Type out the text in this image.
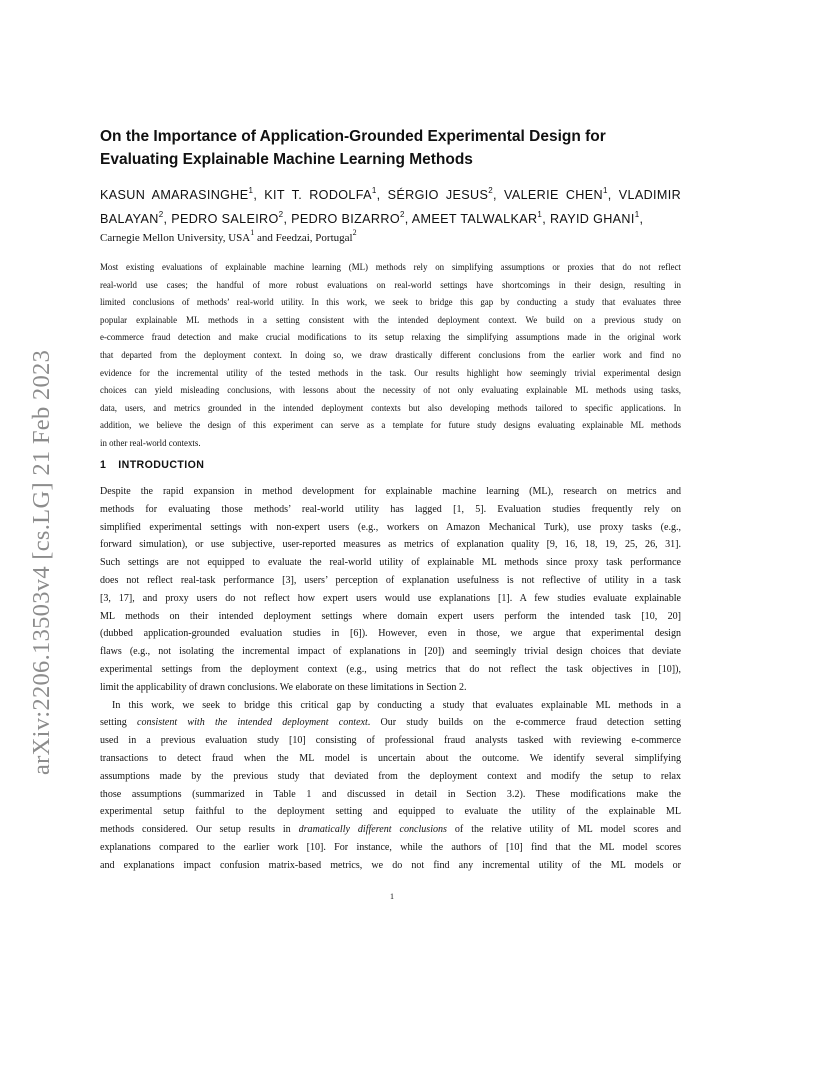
arXiv:2206.13503v4 [cs.LG] 21 Feb 2023
On the Importance of Application-Grounded Experimental Design for
Evaluating Explainable Machine Learning Methods
KASUN AMARASINGHE$^1$, KIT T. RODOLFA$^1$, SÉRGIO JESUS$^2$, VALERIE CHEN$^1$, VLADIMIR
BALAYAN$^2$, PEDRO SALEIRO$^2$, PEDRO BIZARRO$^2$, AMEET TALWALKAR$^1$, RAYID GHANI$^1$,
Carnegie Mellon University, USA$^1$ and Feedzai, Portugal$^2$
Most existing evaluations of explainable machine learning (ML) methods rely on simplifying assumptions or proxies that do not reflect
real-world use cases; the handful of more robust evaluations on real-world settings have shortcomings in their design, resulting in
limited conclusions of methods’ real-world utility. In this work, we seek to bridge this gap by conducting a study that evaluates three
popular explainable ML methods in a setting consistent with the intended deployment context. We build on a previous study on
e-commerce fraud detection and make crucial modifications to its setup relaxing the simplifying assumptions made in the original work
that departed from the deployment context. In doing so, we draw drastically different conclusions from the earlier work and find no
evidence for the incremental utility of the tested methods in the task. Our results highlight how seemingly trivial experimental design
choices can yield misleading conclusions, with lessons about the necessity of not only evaluating explainable ML methods using tasks,
data, users, and metrics grounded in the intended deployment contexts but also developing methods tailored to specific applications. In
addition, we believe the design of this experiment can serve as a template for future study designs evaluating explainable ML methods
in other real-world contexts.
1 INTRODUCTION
Despite the rapid expansion in method development for explainable machine learning (ML), research on metrics and
methods for evaluating those methods’ real-world utility has lagged [1, 5]. Evaluation studies frequently rely on
simplified experimental settings with non-expert users (e.g., workers on Amazon Mechanical Turk), use proxy tasks (e.g.,
forward simulation), or use subjective, user-reported measures as metrics of explanation quality [9, 16, 18, 19, 25, 26, 31].
Such settings are not equipped to evaluate the real-world utility of explainable ML methods since proxy task performance
does not reflect real-task performance [3], users’ perception of explanation usefulness is not reflective of utility in a task
[3, 17], and proxy users do not reflect how expert users would use explanations [1]. A few studies evaluate explainable
ML methods on their intended deployment settings where domain expert users perform the intended task [10, 20]
(dubbed application-grounded evaluation studies in [6]). However, even in those, we argue that experimental design
flaws (e.g., not isolating the incremental impact of explanations in [20]) and seemingly trivial design choices that deviate
experimental settings from the deployment context (e.g., using metrics that do not reflect the task objectives in [10]),
limit the applicability of drawn conclusions. We elaborate on these limitations in Section 2.
In this work, we seek to bridge this critical gap by conducting a study that evaluates explainable ML methods in a
setting consistent with the intended deployment context. Our study builds on the e-commerce fraud detection setting
used in a previous evaluation study [10] consisting of professional fraud analysts tasked with reviewing e-commerce
transactions to detect fraud when the ML model is uncertain about the outcome. We identify several simplifying
assumptions made by the previous study that deviated from the deployment context and modify the setup to relax
those assumptions (summarized in Table 1 and discussed in detail in Section 3.2). These modifications make the
experimental setup faithful to the deployment setting and equipped to evaluate the utility of the explainable ML
methods considered. Our setup results in dramatically different conclusions of the relative utility of ML model scores and
explanations compared to the earlier work [10]. For instance, while the authors of [10] find that the ML model scores
and explanations impact confusion matrix-based metrics, we do not find any incremental utility of the ML models or
1
